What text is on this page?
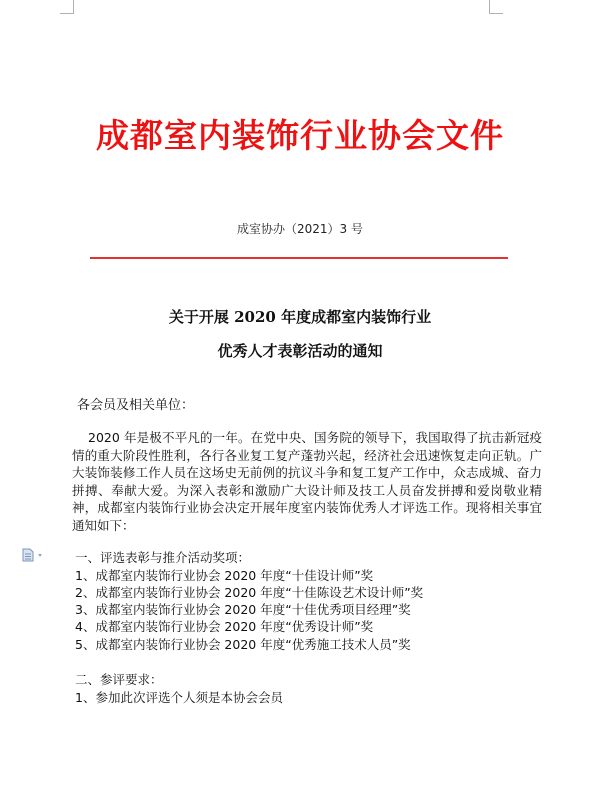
成都室内装饰行业协会文件
成室协办（2021）3 号
关于开展 2020 年度成都室内装饰行业
优秀人才表彰活动的通知
各会员及相关单位：
2020 年是极不平凡的一年。在党中央、国务院的领导下，我国取得了抗击新冠疫情的重大阶段性胜利，各行各业复工复产蓬勃兴起，经济社会迅速恢复走向正轨。广大装饰装修工作人员在这场史无前例的抗议斗争和复工复产工作中，众志成城、奋力拼搏、奉献大爱。为深入表彰和激励广大设计师及技工人员奋发拼搏和爱岗敬业精神，成都室内装饰行业协会决定开展年度室内装饰优秀人才评选工作。现将相关事宜通知如下：
一、评选表彰与推介活动奖项：
1、成都室内装饰行业协会 2020 年度“十佳设计师”奖
2、成都室内装饰行业协会 2020 年度“十佳陈设艺术设计师”奖
3、成都室内装饰行业协会 2020 年度“十佳优秀项目经理”奖
4、成都室内装饰行业协会 2020 年度“优秀设计师”奖
5、成都室内装饰行业协会 2020 年度“优秀施工技术人员”奖
二、参评要求：
1、参加此次评选个人须是本协会会员
